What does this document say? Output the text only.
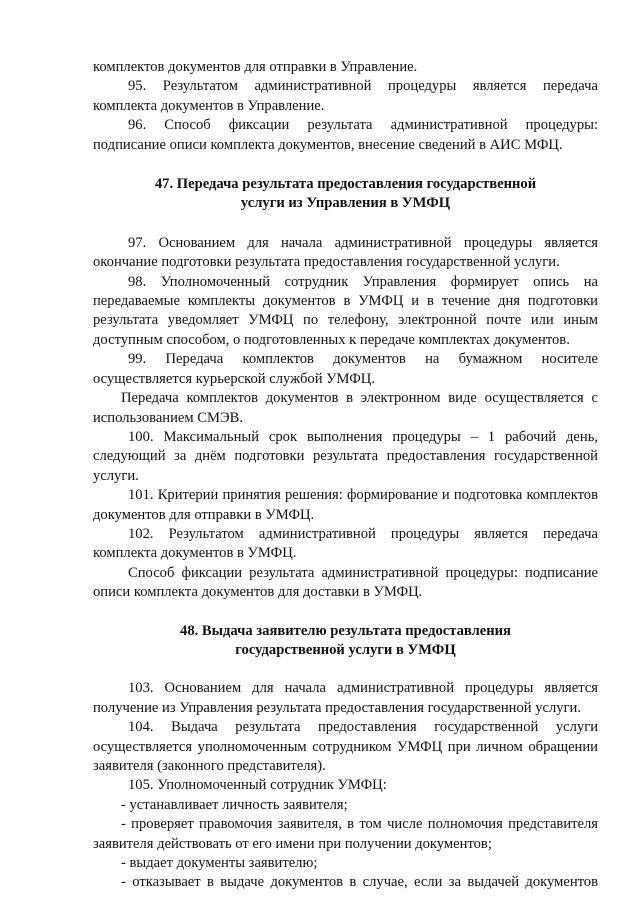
комплектов документов для отправки в Управление.

95. Результатом административной процедуры является передача комплекта документов в Управление.

96. Способ фиксации результата административной процедуры: подписание описи комплекта документов, внесение сведений в АИС МФЦ.

47. Передача результата предоставления государственной
услуги из Управления в УМФЦ

97. Основанием для начала административной процедуры является окончание подготовки результата предоставления государственной услуги.

98. Уполномоченный сотрудник Управления формирует опись на передаваемые комплекты документов в УМФЦ и в течение дня подготовки результата уведомляет УМФЦ по телефону, электронной почте или иным доступным способом, о подготовленных к передаче комплектах документов.

99. Передача комплектов документов на бумажном носителе осуществляется курьерской службой УМФЦ.

Передача комплектов документов в электронном виде осуществляется с использованием СМЭВ.

100. Максимальный срок выполнения процедуры – 1 рабочий день, следующий за днём подготовки результата предоставления государственной услуги.

101. Критерии принятия решения: формирование и подготовка комплектов документов для отправки в УМФЦ.

102. Результатом административной процедуры является передача комплекта документов в УМФЦ.

Способ фиксации результата административной процедуры: подписание описи комплекта документов для доставки в УМФЦ.

48. Выдача заявителю результата предоставления
государственной услуги в УМФЦ

103. Основанием для начала административной процедуры является получение из Управления результата предоставления государственной услуги.

104. Выдача результата предоставления государственной услуги осуществляется уполномоченным сотрудником УМФЦ при личном обращении заявителя (законного представителя).

105. Уполномоченный сотрудник УМФЦ:

- устанавливает личность заявителя;

- проверяет правомочия заявителя, в том числе полномочия представителя заявителя действовать от его имени при получении документов;

- выдает документы заявителю;

- отказывает в выдаче документов в случае, если за выдачей документов
